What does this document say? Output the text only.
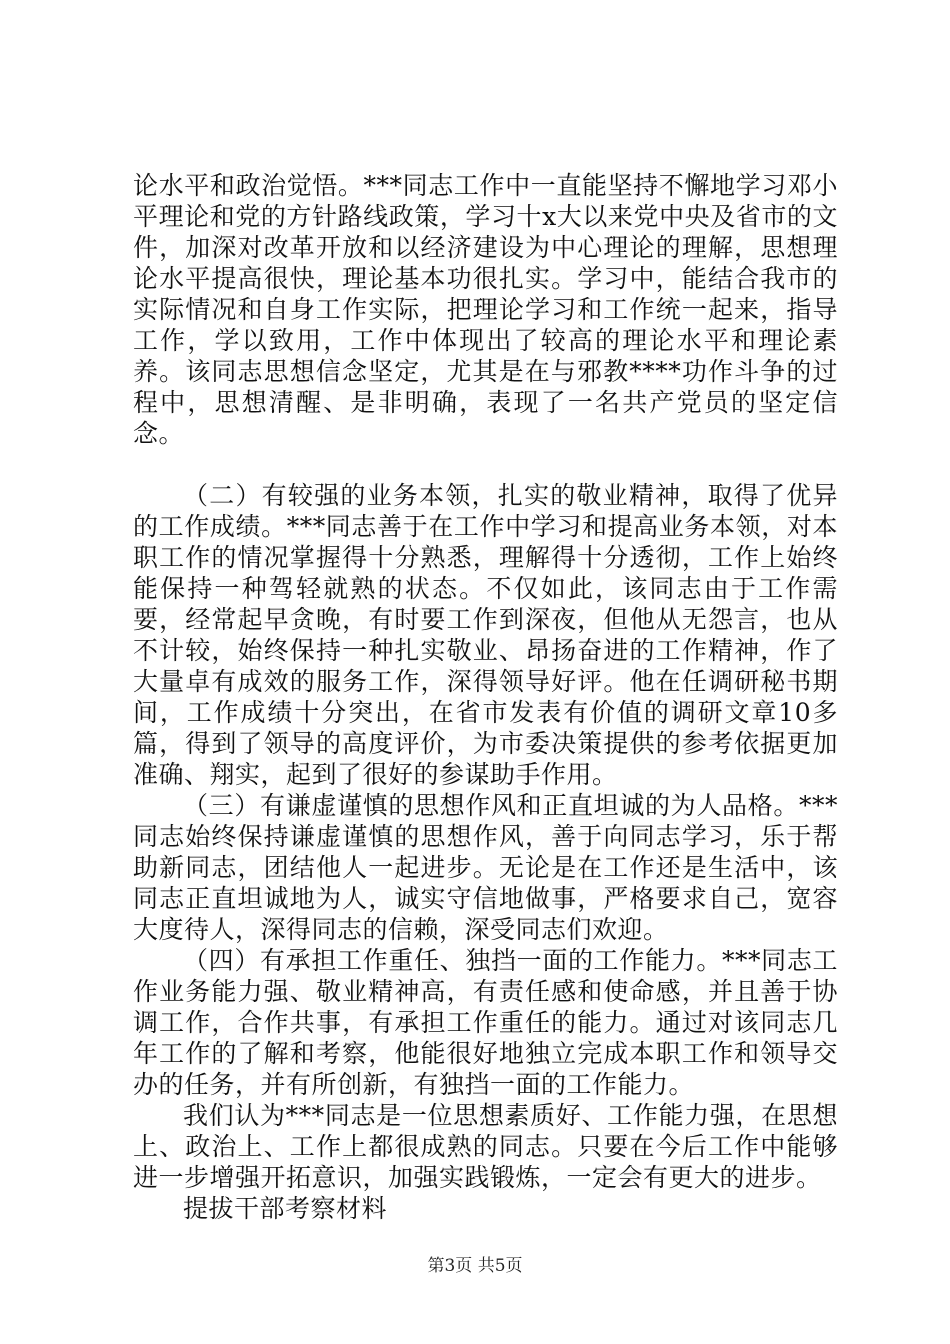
论水平和政治觉悟。***同志工作中一直能坚持不懈地学习邓小平理论和党的方针路线政策，学习十x大以来党中央及省市的文件，加深对改革开放和以经济建设为中心理论的理解，思想理论水平提高很快，理论基本功很扎实。学习中，能结合我市的实际情况和自身工作实际，把理论学习和工作统一起来，指导工作，学以致用，工作中体现出了较高的理论水平和理论素养。该同志思想信念坚定，尤其是在与邪教****功作斗争的过程中，思想清醒、是非明确，表现了一名共产党员的坚定信念。

（二）有较强的业务本领，扎实的敬业精神，取得了优异的工作成绩。***同志善于在工作中学习和提高业务本领，对本职工作的情况掌握得十分熟悉，理解得十分透彻，工作上始终能保持一种驾轻就熟的状态。不仅如此，该同志由于工作需要，经常起早贪晚，有时要工作到深夜，但他从无怨言，也从不计较，始终保持一种扎实敬业、昂扬奋进的工作精神，作了大量卓有成效的服务工作，深得领导好评。他在任调研秘书期间，工作成绩十分突出，在省市发表有价值的调研文章10多篇，得到了领导的高度评价，为市委决策提供的参考依据更加准确、翔实，起到了很好的参谋助手作用。

（三）有谦虚谨慎的思想作风和正直坦诚的为人品格。***同志始终保持谦虚谨慎的思想作风，善于向同志学习，乐于帮助新同志，团结他人一起进步。无论是在工作还是生活中，该同志正直坦诚地为人，诚实守信地做事，严格要求自己，宽容大度待人，深得同志的信赖，深受同志们欢迎。

（四）有承担工作重任、独挡一面的工作能力。***同志工作业务能力强、敬业精神高，有责任感和使命感，并且善于协调工作，合作共事，有承担工作重任的能力。通过对该同志几年工作的了解和考察，他能很好地独立完成本职工作和领导交办的任务，并有所创新，有独挡一面的工作能力。

我们认为***同志是一位思想素质好、工作能力强，在思想上、政治上、工作上都很成熟的同志。只要在今后工作中能够进一步增强开拓意识，加强实践锻炼，一定会有更大的进步。

提拔干部考察材料

第3页 共5页
